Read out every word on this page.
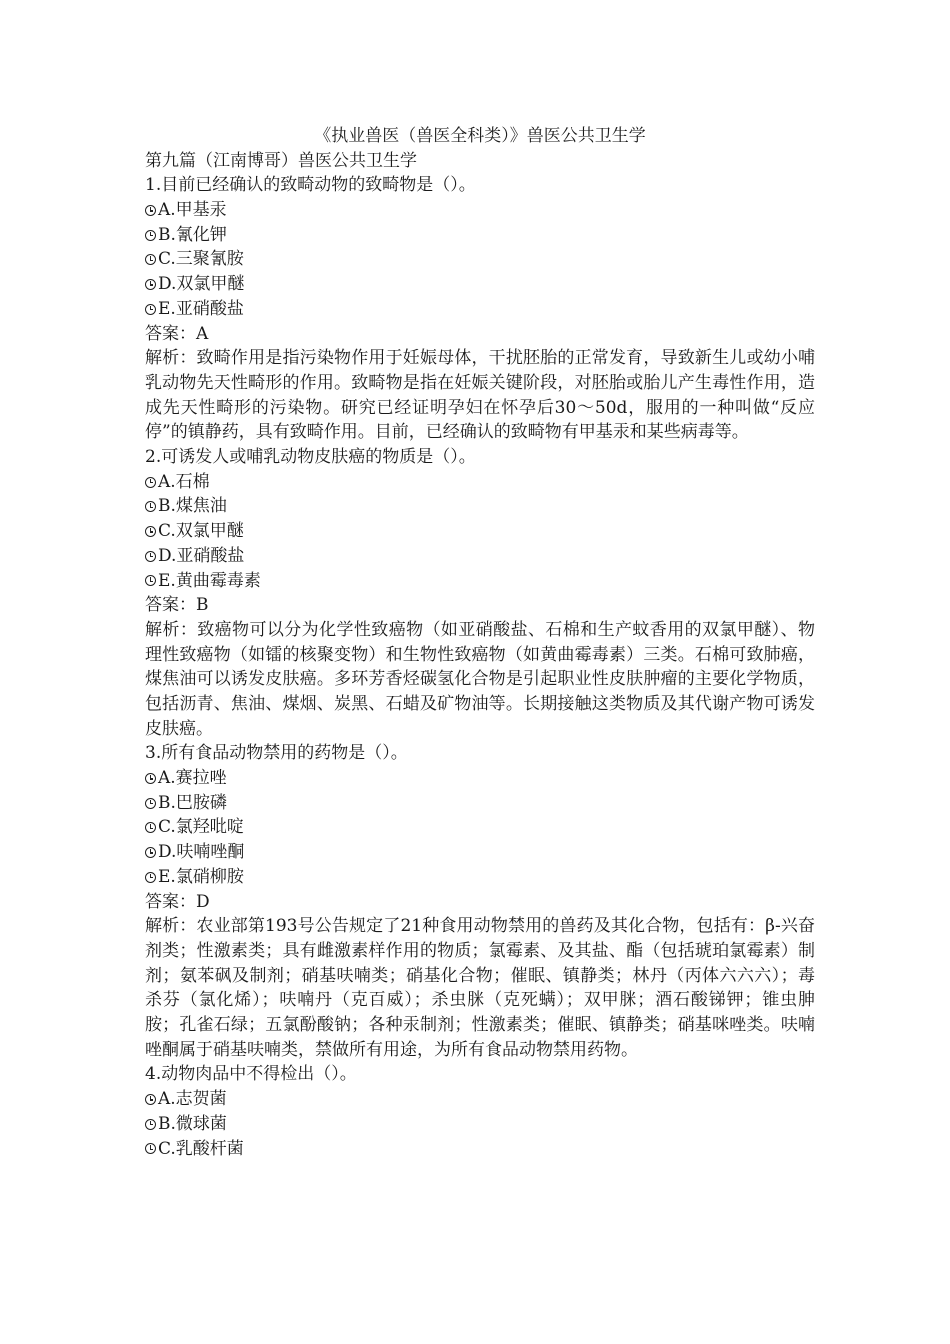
《执业兽医（兽医全科类）》兽医公共卫生学
第九篇（江南博哥）兽医公共卫生学
1.目前已经确认的致畸动物的致畸物是（）。
A.甲基汞
B.氰化钾
C.三聚氰胺
D.双氯甲醚
E.亚硝酸盐
答案：A
解析：致畸作用是指污染物作用于妊娠母体，干扰胚胎的正常发育，导致新生儿或幼小哺乳动物先天性畸形的作用。致畸物是指在妊娠关键阶段，对胚胎或胎儿产生毒性作用，造成先天性畸形的污染物。研究已经证明孕妇在怀孕后30～50d，服用的一种叫做“反应停”的镇静药，具有致畸作用。目前，已经确认的致畸物有甲基汞和某些病毒等。
2.可诱发人或哺乳动物皮肤癌的物质是（）。
A.石棉
B.煤焦油
C.双氯甲醚
D.亚硝酸盐
E.黄曲霉毒素
答案：B
解析：致癌物可以分为化学性致癌物（如亚硝酸盐、石棉和生产蚊香用的双氯甲醚）、物理性致癌物（如镭的核聚变物）和生物性致癌物（如黄曲霉毒素）三类。石棉可致肺癌，煤焦油可以诱发皮肤癌。多环芳香烃碳氢化合物是引起职业性皮肤肿瘤的主要化学物质，包括沥青、焦油、煤烟、炭黑、石蜡及矿物油等。长期接触这类物质及其代谢产物可诱发皮肤癌。
3.所有食品动物禁用的药物是（）。
A.赛拉唑
B.巴胺磷
C.氯羟吡啶
D.呋喃唑酮
E.氯硝柳胺
答案：D
解析：农业部第193号公告规定了21种食用动物禁用的兽药及其化合物，包括有：β-兴奋剂类；性激素类；具有雌激素样作用的物质；氯霉素、及其盐、酯（包括琥珀氯霉素）制剂；氨苯砜及制剂；硝基呋喃类；硝基化合物；催眠、镇静类；林丹（丙体六六六）；毒杀芬（氯化烯）；呋喃丹（克百威）；杀虫脒（克死螨）；双甲脒；酒石酸锑钾；锥虫胂胺；孔雀石绿；五氯酚酸钠；各种汞制剂；性激素类；催眠、镇静类；硝基咪唑类。呋喃唑酮属于硝基呋喃类，禁做所有用途，为所有食品动物禁用药物。
4.动物肉品中不得检出（）。
A.志贺菌
B.微球菌
C.乳酸杆菌
